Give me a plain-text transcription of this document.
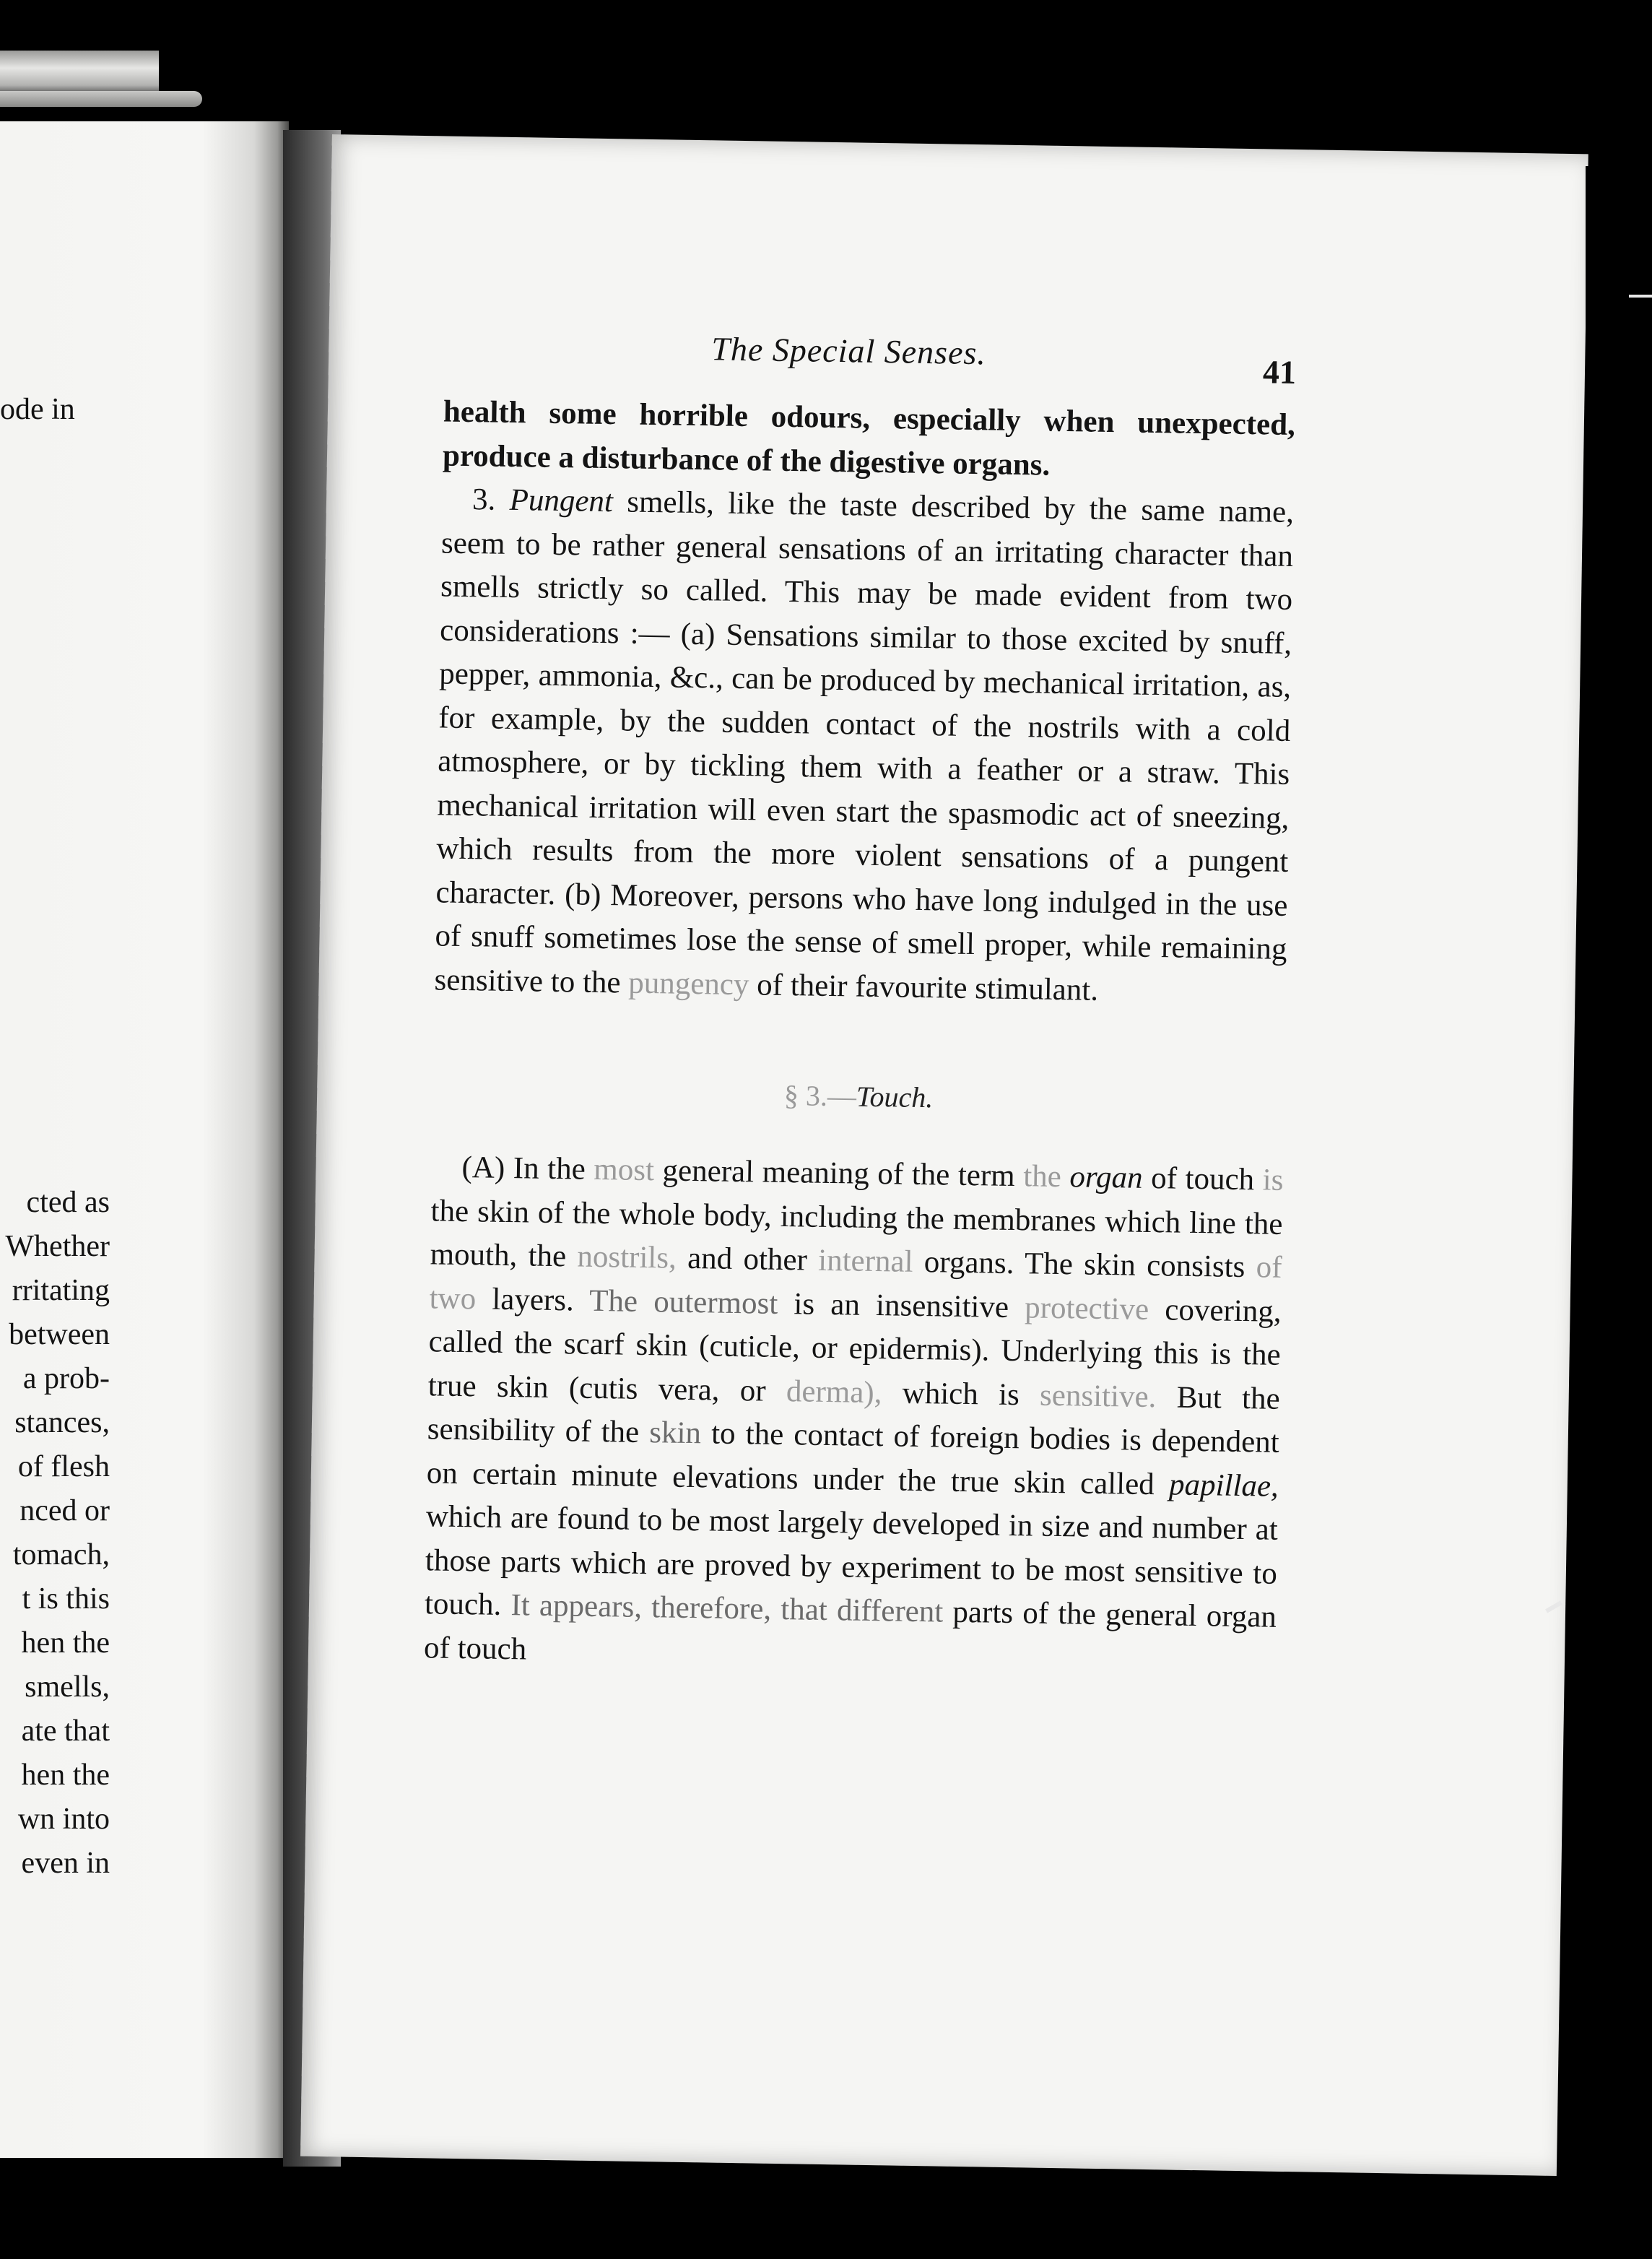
ode in
cted as
Whether
rritating
between
a prob-
stances,
of flesh
nced or
tomach,
t is this
hen the
smells,
ate that
hen the
wn into
even in
The Special Senses.
41

health some horrible odours, especially when unexpected, produce a disturbance of the digestive organs.

3. Pungent smells, like the taste described by the same name, seem to be rather general sensations of an irritating character than smells strictly so called. This may be made evident from two considerations :— (a) Sensations similar to those excited by snuff, pepper, ammonia, &c., can be produced by mechanical irritation, as, for example, by the sudden contact of the nostrils with a cold atmosphere, or by tickling them with a feather or a straw. This mechanical irritation will even start the spasmodic act of sneezing, which results from the more violent sensations of a pungent character. (b) Moreover, persons who have long indulged in the use of snuff sometimes lose the sense of smell proper, while remaining sensitive to the pungency of their favourite stimulant.

§ 3.—Touch.

(A) In the most general meaning of the term the organ of touch is the skin of the whole body, including the membranes which line the mouth, the nostrils, and other internal organs. The skin consists of two layers. The outermost is an insensitive protective covering, called the scarf skin (cuticle, or epidermis). Underlying this is the true skin (cutis vera, or derma), which is sensitive. But the sensibility of the skin to the contact of foreign bodies is dependent on certain minute elevations under the true skin called papillae, which are found to be most largely developed in size and number at those parts which are proved by experiment to be most sensitive to touch. It appears, therefore, that different parts of the general organ of touch
